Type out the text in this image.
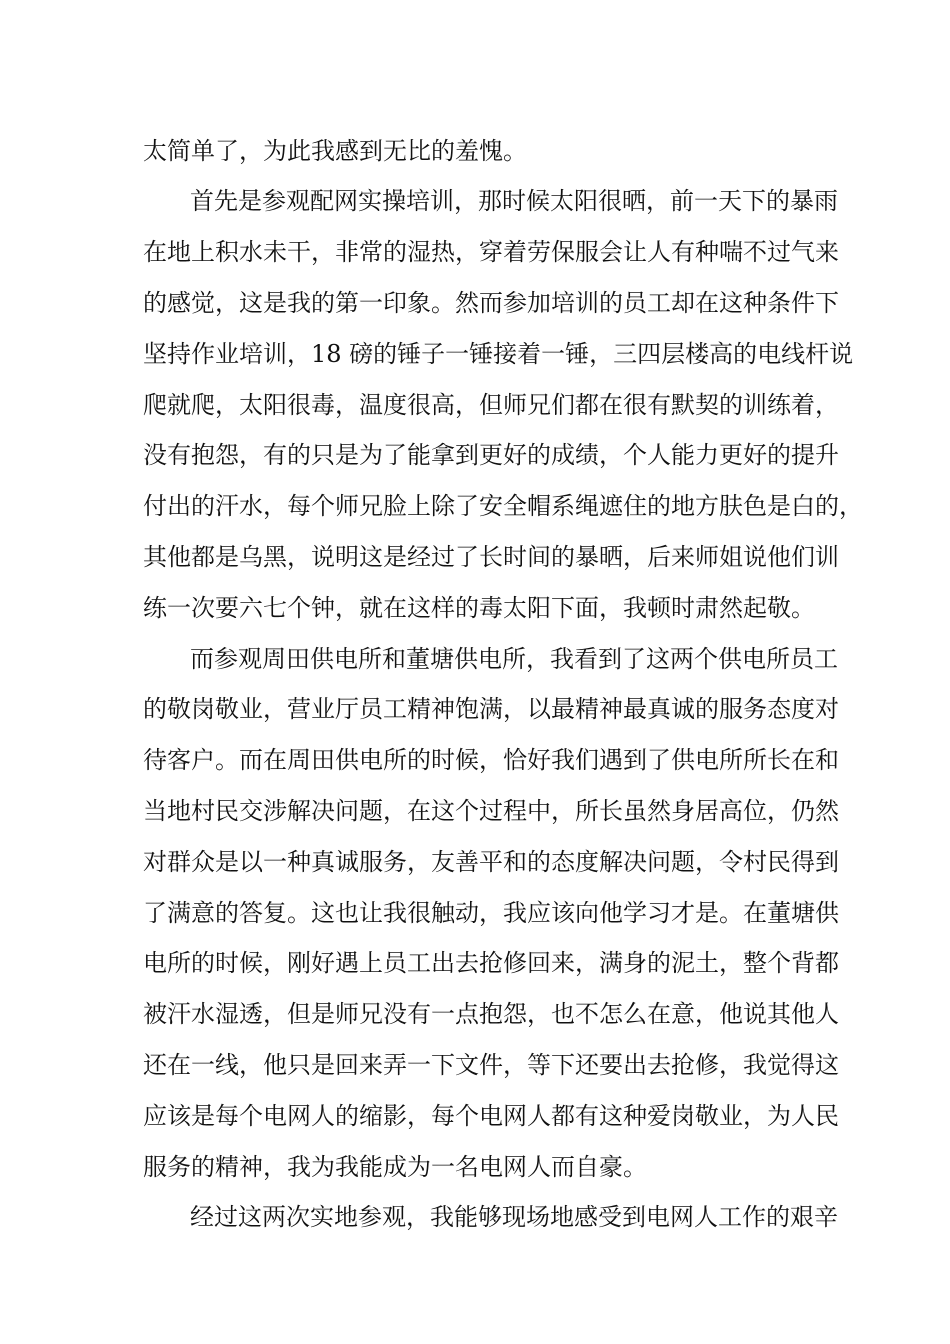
太简单了，为此我感到无比的羞愧。
首先是参观配网实操培训，那时候太阳很晒，前一天下的暴雨
在地上积水未干，非常的湿热，穿着劳保服会让人有种喘不过气来
的感觉，这是我的第一印象。然而参加培训的员工却在这种条件下
坚持作业培训，18 磅的锤子一锤接着一锤，三四层楼高的电线杆说
爬就爬，太阳很毒，温度很高，但师兄们都在很有默契的训练着，
没有抱怨，有的只是为了能拿到更好的成绩，个人能力更好的提升
付出的汗水，每个师兄脸上除了安全帽系绳遮住的地方肤色是白的，
其他都是乌黑，说明这是经过了长时间的暴晒，后来师姐说他们训
练一次要六七个钟，就在这样的毒太阳下面，我顿时肃然起敬。
而参观周田供电所和董塘供电所，我看到了这两个供电所员工
的敬岗敬业，营业厅员工精神饱满，以最精神最真诚的服务态度对
待客户。而在周田供电所的时候，恰好我们遇到了供电所所长在和
当地村民交涉解决问题，在这个过程中，所长虽然身居高位，仍然
对群众是以一种真诚服务，友善平和的态度解决问题，令村民得到
了满意的答复。这也让我很触动，我应该向他学习才是。在董塘供
电所的时候，刚好遇上员工出去抢修回来，满身的泥土，整个背都
被汗水湿透，但是师兄没有一点抱怨，也不怎么在意，他说其他人
还在一线，他只是回来弄一下文件，等下还要出去抢修，我觉得这
应该是每个电网人的缩影，每个电网人都有这种爱岗敬业，为人民
服务的精神，我为我能成为一名电网人而自豪。
经过这两次实地参观，我能够现场地感受到电网人工作的艰辛
